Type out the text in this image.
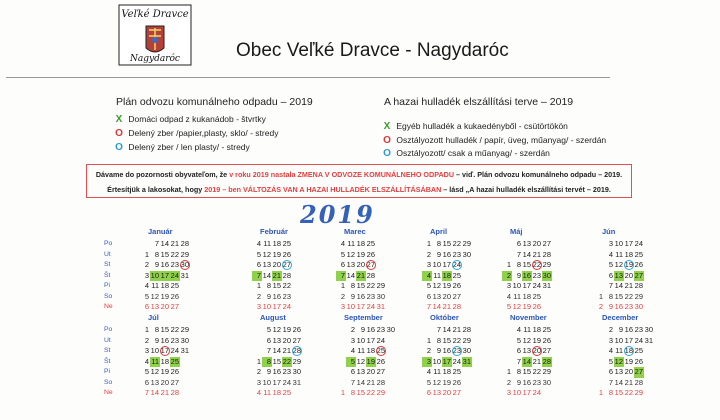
Veľké Dravce
Nagydaróc	Obec Veľké Dravce - Nagydaróc
Plán odvozu komunálneho odpadu – 2019
X Domáci odpad z kukanádob - štvrtky
O Delený zber /papier,plasty, sklo/ - stredy
O Delený zber / len plasty/ - stredy
A hazai hulladék elszállítási terve – 2019
X Egyéb hulladék a kukaedényből - csütörtökön
O Osztályozott hulladék / papír, üveg, műanyag/ - szerdán
O Osztályozott/ csak a műanyag/ - szerdán
Dávame do pozornosti obyvateľom, že v roku 2019 nastala ZMENA V ODVOZE KOMUNÁLNEHO ODPADU – viď. Plán odvozu komunálneho odpadu – 2019.
Értesítjük a lakosokat, hogy 2019 – ben VÁLTOZÁS VAN A HAZAI HULLADÉK ELSZÁLLÍTÁSÁBAN – lásd „A hazai hulladék elszállítási tervét – 2019.
2019
Po
Ut
St
Št
Pi
So
Ne
Po
Ut
St
Št
Pi
So
Ne
Január
7 14 21 28
1 8 15 22 29
2 9 16 23 30
3 10 17 24 31
4 11 18 25
5 12 19 26
6 13 20 27
Február
4 11 18 25
5 12 19 26
6 13 20 27
7 14 21 28
1 8 15 22
2 9 16 23
3 10 17 24
Marec
4 11 18 25
5 12 19 26
6 13 20 27
7 14 21 28
1 8 15 22 29
2 9 16 23 30
3 10 17 24 31
April
1 8 15 22 29
2 9 16 23 30
3 10 17 24
4 11 18 25
5 12 19 26
6 13 20 27
7 14 21 28
Máj
6 13 20 27
7 14 21 28
1 8 15 22 29
2 9 16 23 30
3 10 17 24 31
4 11 18 25
5 12 19 26
Jún
3 10 17 24
4 11 18 25
5 12 19 26
6 13 20 27
7 14 21 28
1 8 15 22 29
2 9 16 23 30
Júl
1 8 15 22 29
2 9 16 23 30
3 10 17 24 31
4 11 18 25
5 12 19 26
6 13 20 27
7 14 21 28
August
5 12 19 26
6 13 20 27
7 14 21 28
1 8 15 22 29
2 9 16 23 30
3 10 17 24 31
4 11 18 25
September
2 9 16 23 30
3 10 17 24
4 11 18 25
5 12 19 26
6 13 20 27
7 14 21 28
1 8 15 22 29
Október
7 14 21 28
1 8 15 22 29
2 9 16 23 30
3 10 17 24 31
4 11 18 25
5 12 19 26
6 13 20 27
November
4 11 18 25
5 12 19 26
6 13 20 27
7 14 21 28
1 8 15 22 29
2 9 16 23 30
3 10 17 24
December
2 9 16 23 30
3 10 17 24 31
4 11 18 25
5 12 19 26
6 13 20 27
7 14 21 28
1 8 15 22 29
